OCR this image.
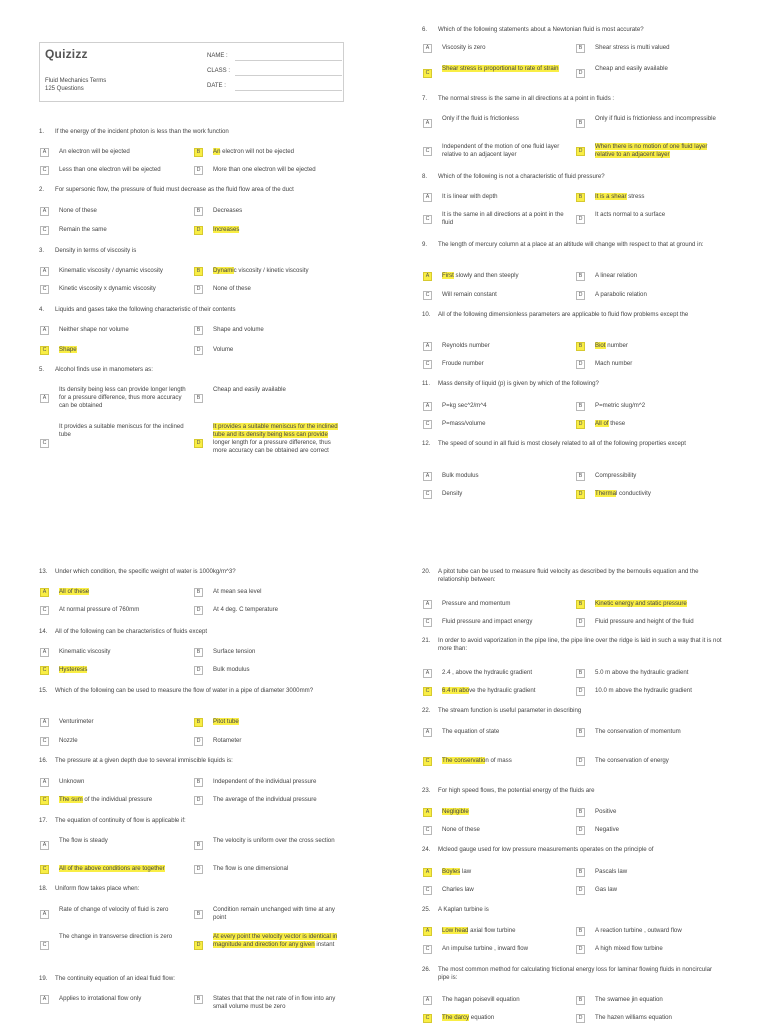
Quizizz
Fluid Mechanics Terms
125 Questions
NAME :
CLASS :
DATE :
1. If the energy of the incident photon is less than the work function
A	An electron will be ejected	B	An electron will not be ejected
C	Less than one electron will be ejected	D	More than one electron will be ejected
2. For supersonic flow, the pressure of fluid must decrease as the fluid flow area of the duct
A	None of these	B	Decreases
C	Remain the same	D	Increases
3. Density in terms of viscosity is
A	Kinematic viscosity / dynamic viscosity	B	Dynamic viscosity / kinetic viscosity
C	Kinetic viscosity x dynamic viscosity	D	None of these
4. Liquids and gases take the following characteristic of their contents
A	Neither shape nor volume	B	Shape and volume
C	Shape	D	Volume
5. Alcohol finds use in manometers as:
A
Its density being less can provide longer length for a pressure difference, thus more accuracy can be obtained
B
Cheap and easily available
C
It provides a suitable meniscus for the inclined tube
D
It provides a suitable meniscus for the inclined tube and its density being less can provide longer length for a pressure difference, thus more accuracy can be obtained are correct
6. Which of the following statements about a Newtonian fluid is most accurate?
A	Viscosity is zero	B	Shear stress is multi valued
C
Shear stress is proportional to rate of strain
D
Cheap and easily available
7. The normal stress is the same in all directions at a point in fluids :
A
Only if the fluid is frictionless
B
Only if fluid is frictionless and incompressible
C
Independent of the motion of one fluid layer relative to an adjacent layer	D
When there is no motion of one fluid layer relative to an adjacent layer
8. Which of the following is not a characteristic of fluid pressure?
A	It is linear with depth	B	It is a shear stress
C
It is the same in all directions at a point in the fluid	D
It acts normal to a surface
9. The length of mercury column at a place at an altitude will change with respect to that at ground in:
A	First slowly and then steeply	B	A linear relation
C	Will remain constant	D	A parabolic relation
10. All of the following dimensionless parameters are applicable to fluid flow problems except the
A	Reynolds number	B	Biot number
C	Froude number	D	Mach number
11. Mass density of liquid (p) is given by which of the following?
A	P=kg sec^2/m^4	B	P=metric slug/m^2
C	P=mass/volume	D	All of these
12. The speed of sound in all fluid is most closely related to all of the following properties except
A	Bulk modulus	B	Compressibility
C	Density	D	Thermal conductivity
13. Under which condition, the specific weight of water is 1000kg/m^3?
A	All of these	B	At mean sea level
C	At normal pressure of 760mm	D	At 4 deg. C temperature
14. All of the following can be characteristics of fluids except
A	Kinematic viscosity	B	Surface tension
C	Hysteresis	D	Bulk modulus
15. Which of the following can be used to measure the flow of water in a pipe of diameter 3000mm?
A	Venturimeter	B	Pitot tube
C	Nozzle	D	Rotameter
16. The pressure at a given depth due to several immiscible liquids is:
A	Unknown	B	Independent of the individual pressure
C	The sum of the individual pressure	D	The average of the individual pressure
17. The equation of continuity of flow is applicable if:
A
The flow is steady
B
The velocity is uniform over the cross section
C	All of the above conditions are together	D	The flow is one dimensional
18. Uniform flow takes place when:
A
Rate of change of velocity of fluid is zero
B
Condition remain unchanged with time at any point
C
The change in transverse direction is zero
D
At every point the velocity vector is identical in magnitude and direction for any given instant
19. The continuity equation of an ideal fluid flow:
A	Applies to irrotational flow only	B	States that that the net rate of in flow into any small volume must be zero
20. A pitot tube can be used to measure fluid velocity as described by the bernoulis equation and the relationship between:
A	Pressure and momentum	B	Kinetic energy and static pressure
C	Fluid pressure and impact energy	D	Fluid pressure and height of the fluid
21. In order to avoid vaporization in the pipe line, the pipe line over the ridge is laid in such a way that it is not more than:
A	2.4 , above the hydraulic gradient	B	5.0 m above the hydraulic gradient
C	6.4 m above the hydraulic gradient	D	10.0 m above the hydraulic gradient
22. The stream function is useful parameter in describing
A	The equation of state	B	The conservation of momentum
C	The conservation of mass	D	The conservation of energy
23. For high speed flows, the potential energy of the fluids are
A	Negligible	B	Positive
C	None of these	D	Negative
24. Mcleod gauge used for low pressure measurements operates on the principle of
A	Boyles law	B	Pascals law
C	Charles law	D	Gas law
25. A Kaplan turbine is
A	Low head axial flow turbine	B	A reaction turbine , outward flow
C	An impulse turbine , inward flow	D	A high mixed flow turbine
26. The most common method for calculating frictional energy loss for laminar flowing fluids in noncircular pipe is:
A	The hagan poisevill equation	B	The swamee jin equation
C	The darcy equation	D	The hazen williams equation
